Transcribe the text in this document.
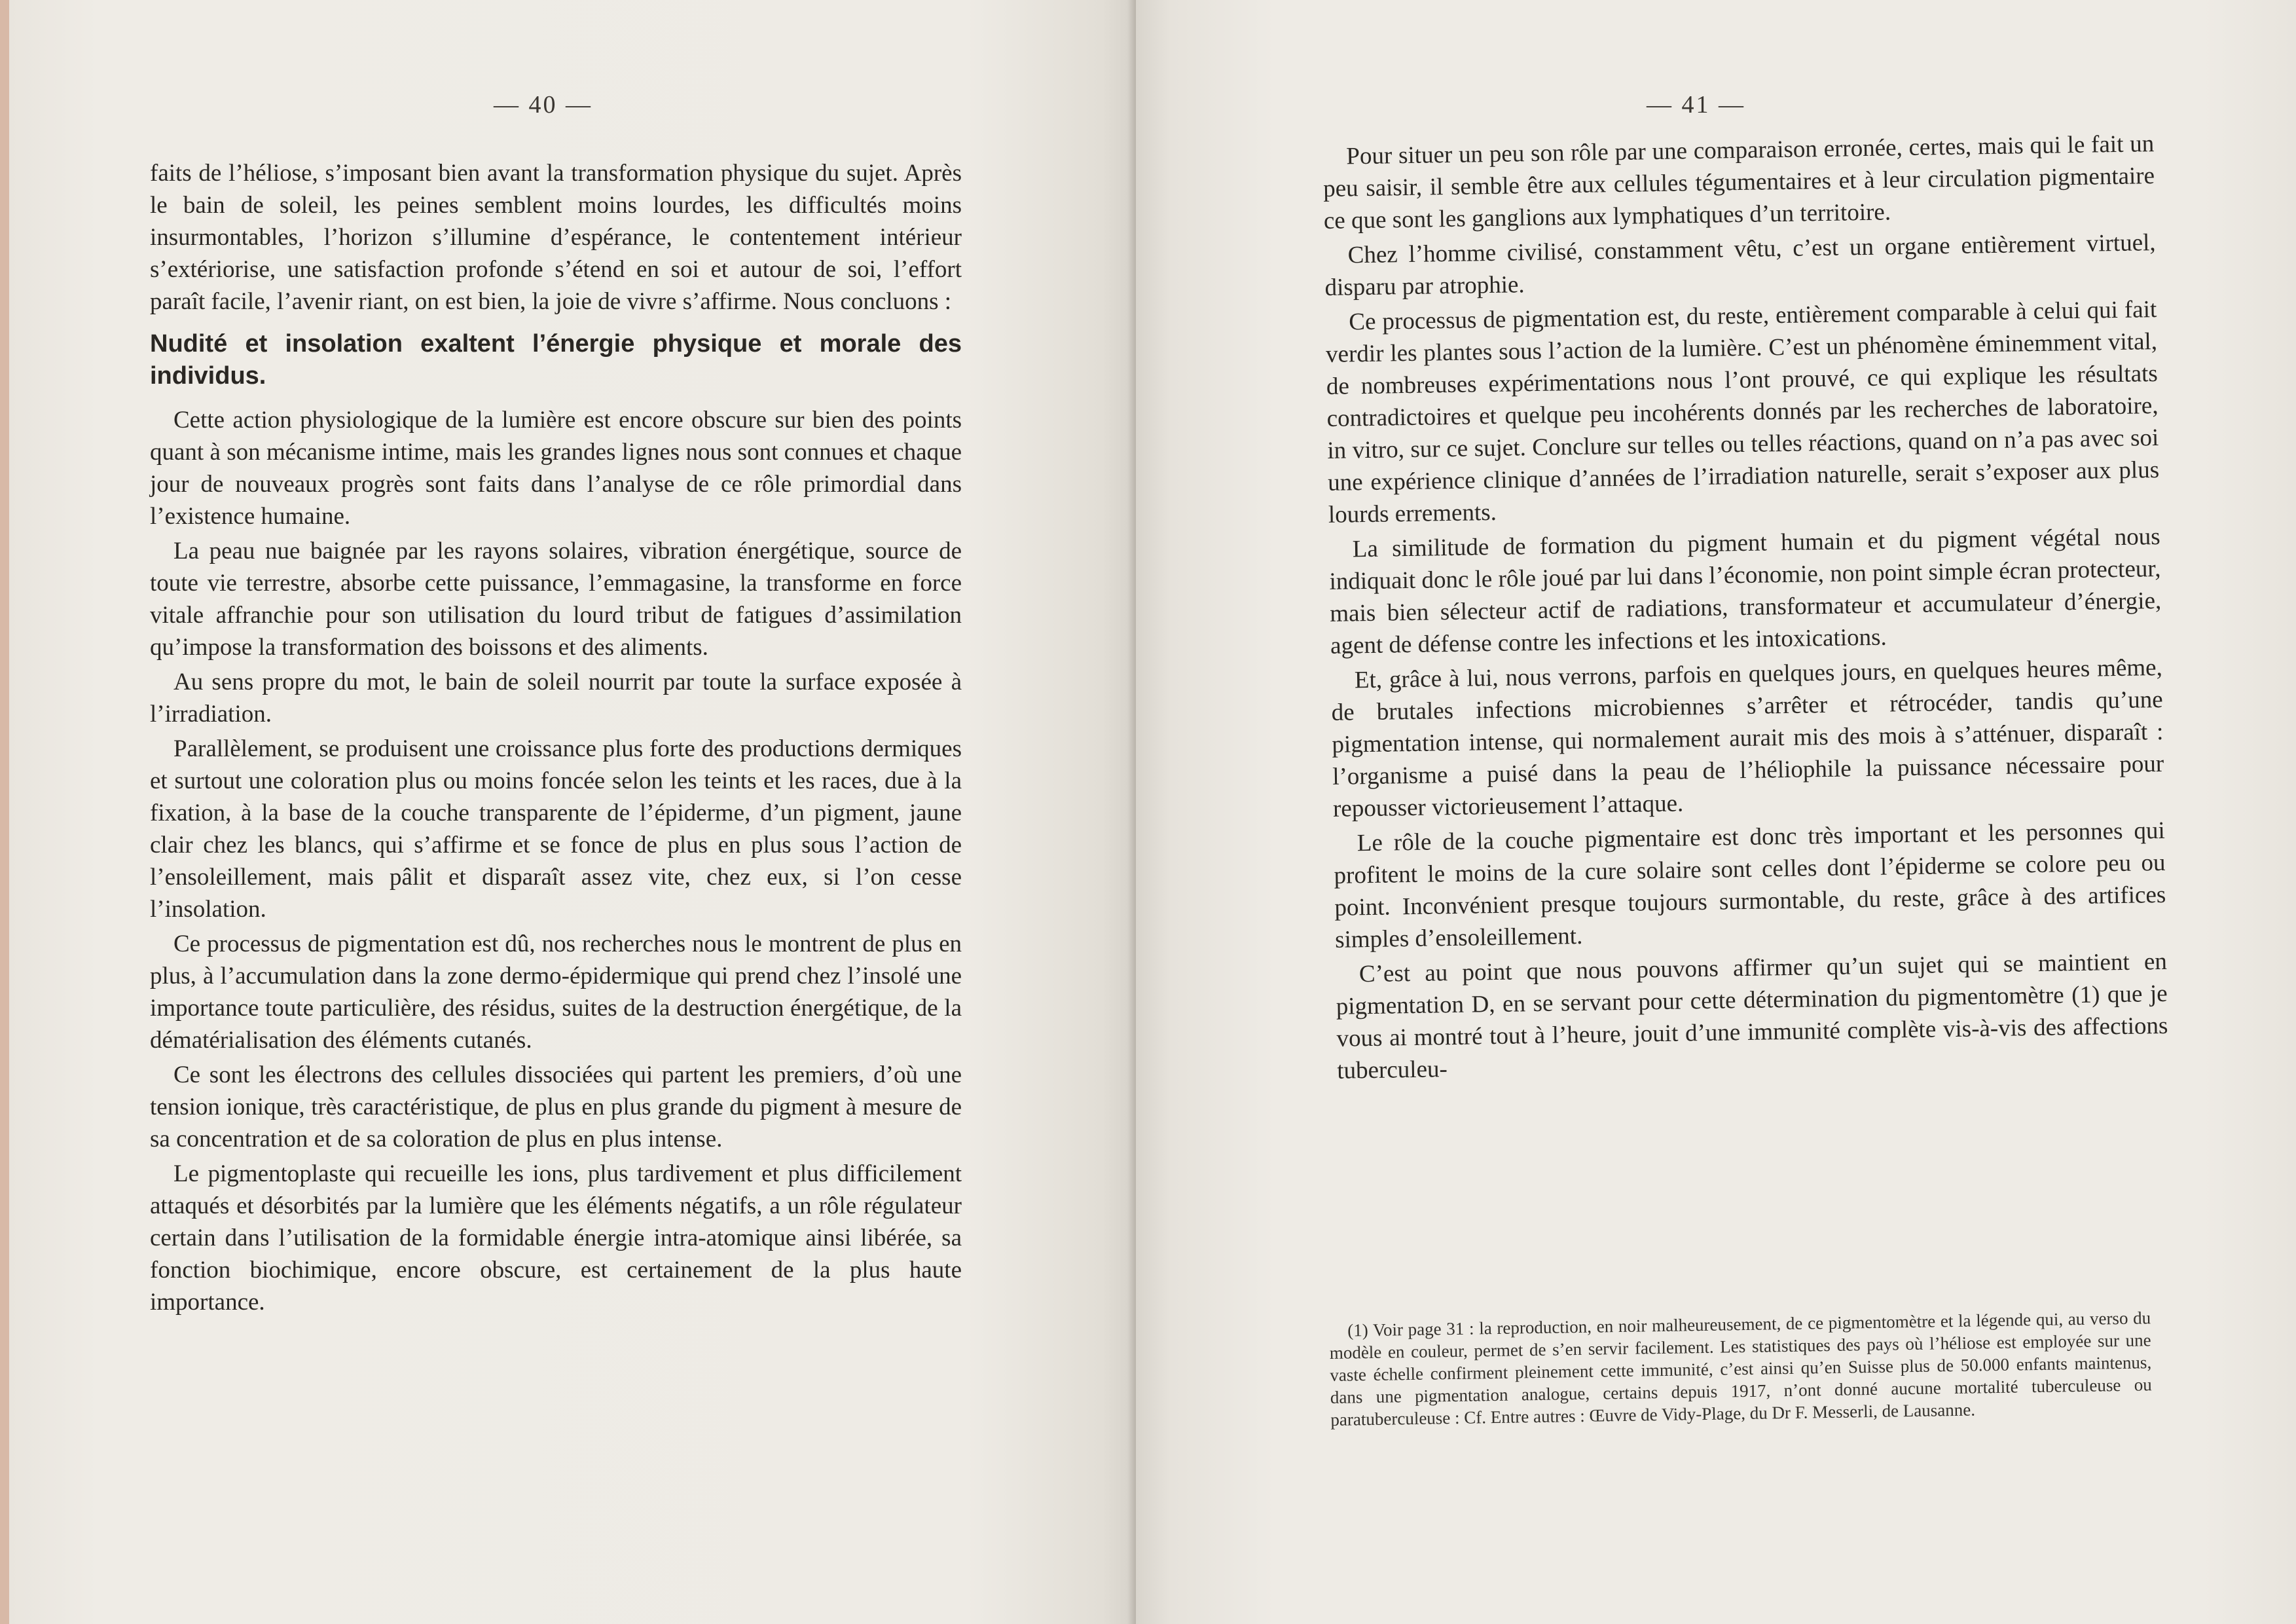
— 40 —

faits de l’héliose, s’imposant bien avant la transformation physique du sujet. Après le bain de soleil, les peines semblent moins lourdes, les difficultés moins insurmontables, l’horizon s’illumine d’espérance, le contentement intérieur s’extériorise, une satisfaction profonde s’étend en soi et autour de soi, l’effort paraît facile, l’avenir riant, on est bien, la joie de vivre s’affirme. Nous concluons :

Nudité et insolation exaltent l’énergie physique et morale des individus.

Cette action physiologique de la lumière est encore obscure sur bien des points quant à son mécanisme intime, mais les grandes lignes nous sont connues et chaque jour de nouveaux progrès sont faits dans l’analyse de ce rôle primordial dans l’existence humaine.

La peau nue baignée par les rayons solaires, vibration énergétique, source de toute vie terrestre, absorbe cette puissance, l’emmagasine, la transforme en force vitale affranchie pour son utilisation du lourd tribut de fatigues d’assimilation qu’impose la transformation des boissons et des aliments.

Au sens propre du mot, le bain de soleil nourrit par toute la surface exposée à l’irradiation.

Parallèlement, se produisent une croissance plus forte des productions dermiques et surtout une coloration plus ou moins foncée selon les teints et les races, due à la fixation, à la base de la couche transparente de l’épiderme, d’un pigment, jaune clair chez les blancs, qui s’affirme et se fonce de plus en plus sous l’action de l’ensoleillement, mais pâlit et disparaît assez vite, chez eux, si l’on cesse l’insolation.

Ce processus de pigmentation est dû, nos recherches nous le montrent de plus en plus, à l’accumulation dans la zone dermo-épidermique qui prend chez l’insolé une importance toute particulière, des résidus, suites de la destruction énergétique, de la dématérialisation des éléments cutanés.

Ce sont les électrons des cellules dissociées qui partent les premiers, d’où une tension ionique, très caractéristique, de plus en plus grande du pigment à mesure de sa concentration et de sa coloration de plus en plus intense.

Le pigmentoplaste qui recueille les ions, plus tardivement et plus difficilement attaqués et désorbités par la lumière que les éléments négatifs, a un rôle régulateur certain dans l’utilisation de la formidable énergie intra-atomique ainsi libérée, sa fonction biochimique, encore obscure, est certainement de la plus haute importance.

— 41 —

Pour situer un peu son rôle par une comparaison erronée, certes, mais qui le fait un peu saisir, il semble être aux cellules tégumentaires et à leur circulation pigmentaire ce que sont les ganglions aux lymphatiques d’un territoire.

Chez l’homme civilisé, constamment vêtu, c’est un organe entièrement virtuel, disparu par atrophie.

Ce processus de pigmentation est, du reste, entièrement comparable à celui qui fait verdir les plantes sous l’action de la lumière. C’est un phénomène éminemment vital, de nombreuses expérimentations nous l’ont prouvé, ce qui explique les résultats contradictoires et quelque peu incohérents donnés par les recherches de laboratoire, in vitro, sur ce sujet. Conclure sur telles ou telles réactions, quand on n’a pas avec soi une expérience clinique d’années de l’irradiation naturelle, serait s’exposer aux plus lourds errements.

La similitude de formation du pigment humain et du pigment végétal nous indiquait donc le rôle joué par lui dans l’économie, non point simple écran protecteur, mais bien sélecteur actif de radiations, transformateur et accumulateur d’énergie, agent de défense contre les infections et les intoxications.

Et, grâce à lui, nous verrons, parfois en quelques jours, en quelques heures même, de brutales infections microbiennes s’arrêter et rétrocéder, tandis qu’une pigmentation intense, qui normalement aurait mis des mois à s’atténuer, disparaît : l’organisme a puisé dans la peau de l’héliophile la puissance nécessaire pour repousser victorieusement l’attaque.

Le rôle de la couche pigmentaire est donc très important et les personnes qui profitent le moins de la cure solaire sont celles dont l’épiderme se colore peu ou point. Inconvénient presque toujours surmontable, du reste, grâce à des artifices simples d’ensoleillement.

C’est au point que nous pouvons affirmer qu’un sujet qui se maintient en pigmentation D, en se servant pour cette détermination du pigmentomètre (1) que je vous ai montré tout à l’heure, jouit d’une immunité complète vis-à-vis des affections tuberculeu-

(1) Voir page 31 : la reproduction, en noir malheureusement, de ce pigmentomètre et la légende qui, au verso du modèle en couleur, permet de s’en servir facilement. Les statistiques des pays où l’héliose est employée sur une vaste échelle confirment pleinement cette immunité, c’est ainsi qu’en Suisse plus de 50.000 enfants maintenus, dans une pigmentation analogue, certains depuis 1917, n’ont donné aucune mortalité tuberculeuse ou paratuberculeuse : Cf. Entre autres : Œuvre de Vidy-Plage, du Dr F. Messerli, de Lausanne.
